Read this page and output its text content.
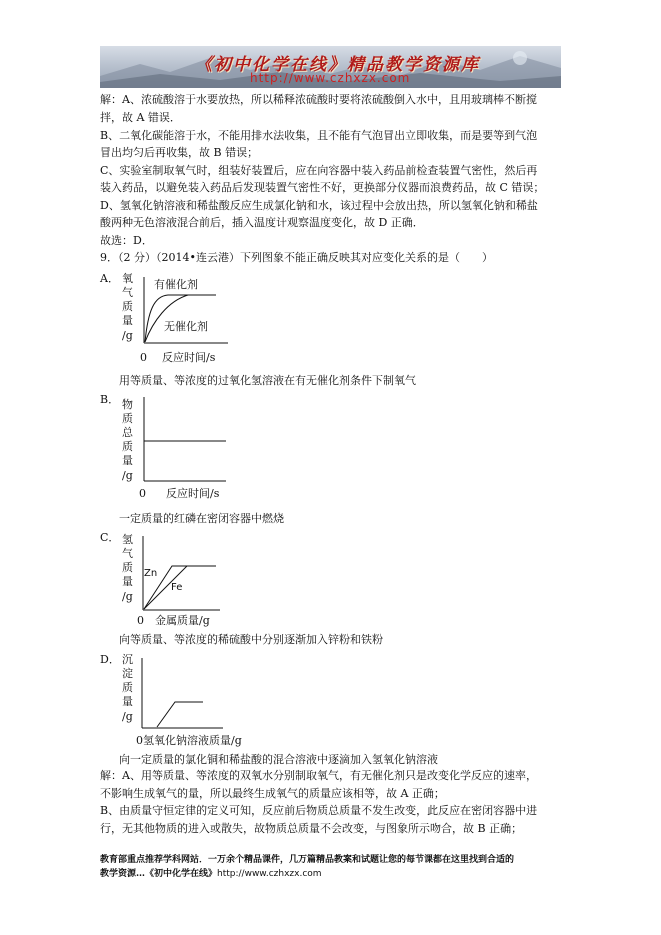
《初中化学在线》精品教学资源库
http://www.czhxzx.com
解：A、浓硫酸溶于水要放热，所以稀释浓硫酸时要将浓硫酸倒入水中，且用玻璃棒不断搅
拌，故 A 错误．
B、二氧化碳能溶于水，不能用排水法收集，且不能有气泡冒出立即收集，而是要等到气泡
冒出均匀后再收集，故 B 错误；
C、实验室制取氧气时，组装好装置后，应在向容器中装入药品前检查装置气密性，然后再
装入药品，以避免装入药品后发现装置气密性不好，更换部分仪器而浪费药品，故 C 错误；
D、氢氧化钠溶液和稀盐酸反应生成氯化钠和水，该过程中会放出热，所以氢氧化钠和稀盐
酸两种无色溶液混合前后，插入温度计观察温度变化，故 D 正确．
故选：D．
9．（2 分）（2014•连云港）下列图象不能正确反映其对应变化关系的是（　　）
A． 氧
气
质
量
/g
有催化剂
无催化剂
0 反应时间/s
用等质量、等浓度的过氧化氢溶液在有无催化剂条件下制氧气
B． 物
质
总
质
量
/g
0 反应时间/s
一定质量的红磷在密闭容器中燃烧
C． 氢
气
质
量
/g
Zn
Fe
0 金属质量/g
向等质量、等浓度的稀硫酸中分别逐渐加入锌粉和铁粉
D． 沉
淀
质
量
/g
0氢氧化钠溶液质量/g
向一定质量的氯化铜和稀盐酸的混合溶液中逐滴加入氢氧化钠溶液
解：A、用等质量、等浓度的双氧水分别制取氧气，有无催化剂只是改变化学反应的速率，
不影响生成氧气的量，所以最终生成氧气的质量应该相等，故 A 正确；
B、由质量守恒定律的定义可知，反应前后物质总质量不发生改变，此反应在密闭容器中进
行，无其他物质的进入或散失，故物质总质量不会改变，与图象所示吻合，故 B 正确；
教育部重点推荐学科网站．一万余个精品课件，几万篇精品教案和试题让您的每节课都在这里找到合适的
教学资源…《初中化学在线》http://www.czhxzx.com
